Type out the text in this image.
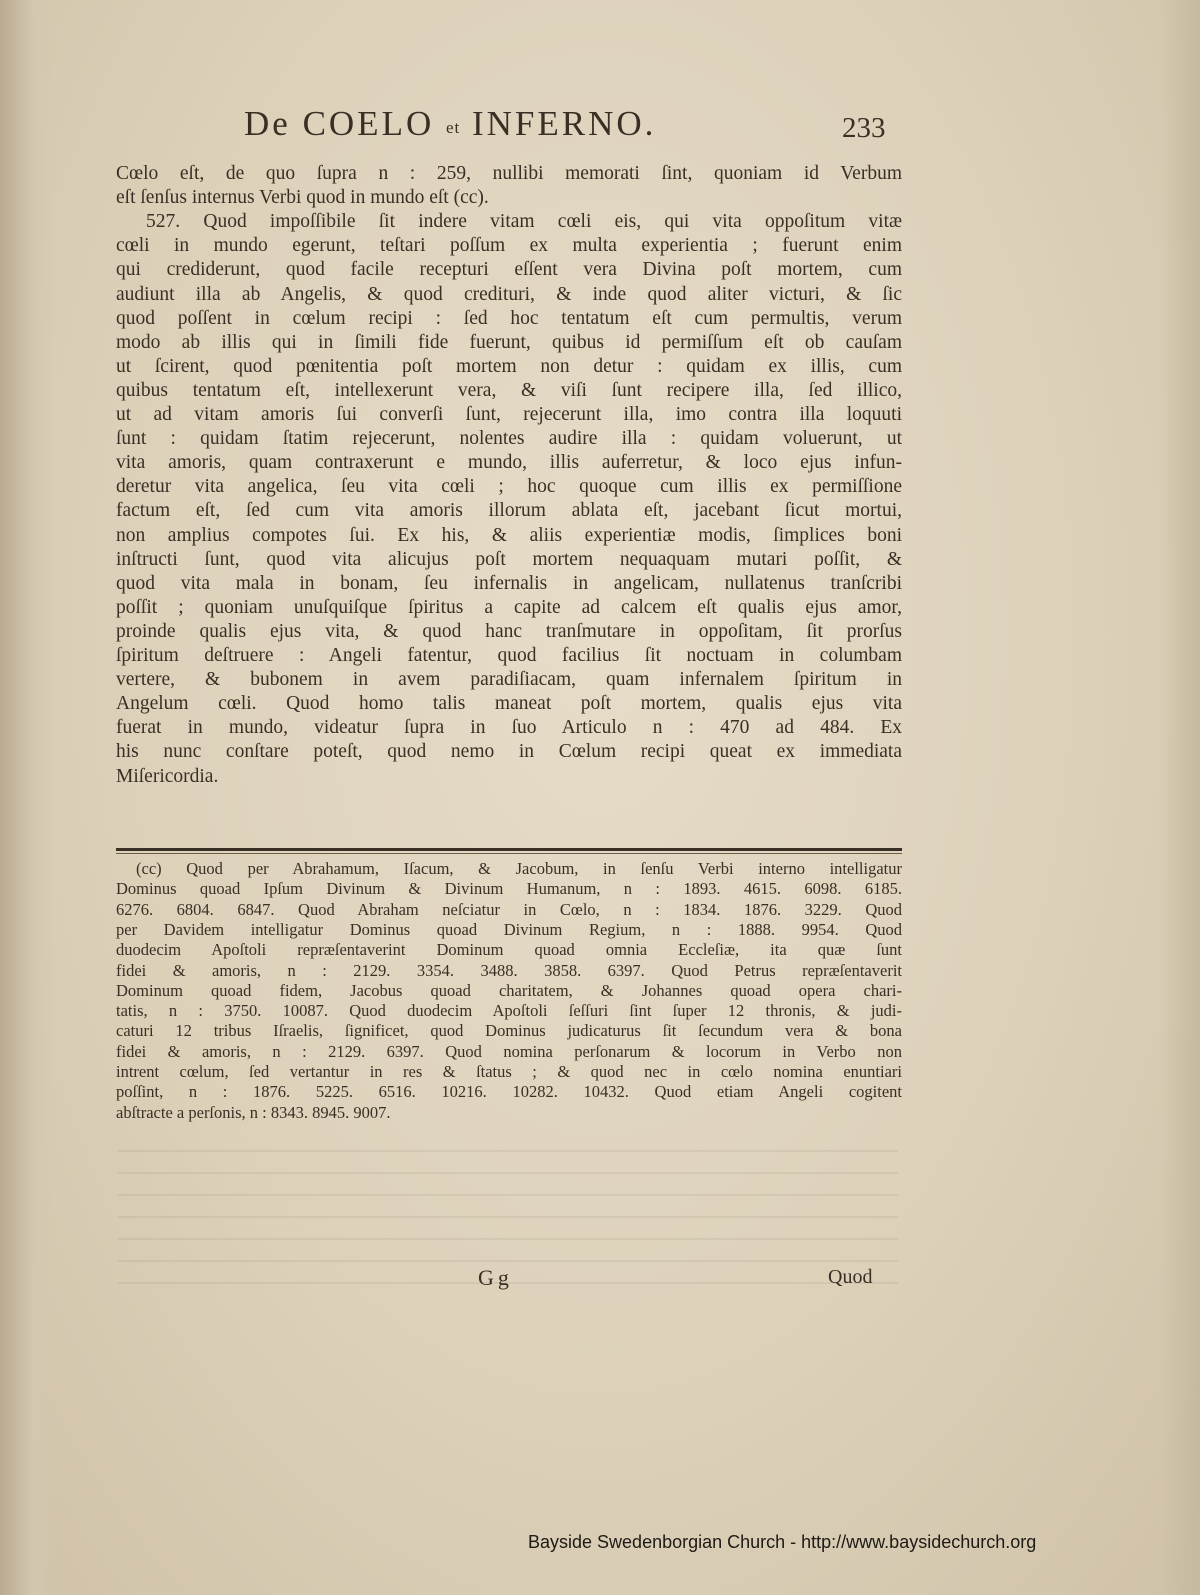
De COELO et INFERNO.	233
Cœlo eſt, de quo ſupra n : 259, nullibi memorati ſint, quoniam id Verbum
eſt ſenſus internus Verbi quod in mundo eſt (cc).
527. Quod impoſſibile ſit indere vitam cœli eis, qui vita oppoſitum vitæ
cœli in mundo egerunt, teſtari poſſum ex multa experientia ; fuerunt enim
qui crediderunt, quod facile recepturi eſſent vera Divina poſt mortem, cum
audiunt illa ab Angelis, & quod credituri, & inde quod aliter victuri, & ſic
quod poſſent in cœlum recipi : ſed hoc tentatum eſt cum permultis, verum
modo ab illis qui in ſimili fide fuerunt, quibus id permiſſum eſt ob cauſam
ut ſcirent, quod pœnitentia poſt mortem non detur : quidam ex illis, cum
quibus tentatum eſt, intellexerunt vera, & viſi ſunt recipere illa, ſed illico,
ut ad vitam amoris ſui converſi ſunt, rejecerunt illa, imo contra illa loquuti
ſunt : quidam ſtatim rejecerunt, nolentes audire illa : quidam voluerunt, ut
vita amoris, quam contraxerunt e mundo, illis auferretur, & loco ejus infun-
deretur vita angelica, ſeu vita cœli ; hoc quoque cum illis ex permiſſione
factum eſt, ſed cum vita amoris illorum ablata eſt, jacebant ſicut mortui,
non amplius compotes ſui. Ex his, & aliis experientiæ modis, ſimplices boni
inſtructi ſunt, quod vita alicujus poſt mortem nequaquam mutari poſſit, &
quod vita mala in bonam, ſeu infernalis in angelicam, nullatenus tranſcribi
poſſit ; quoniam unuſquiſque ſpiritus a capite ad calcem eſt qualis ejus amor,
proinde qualis ejus vita, & quod hanc tranſmutare in oppoſitam, ſit prorſus
ſpiritum deſtruere : Angeli fatentur, quod facilius ſit noctuam in columbam
vertere, & bubonem in avem paradiſiacam, quam infernalem ſpiritum in
Angelum cœli. Quod homo talis maneat poſt mortem, qualis ejus vita
fuerat in mundo, videatur ſupra in ſuo Articulo n : 470 ad 484. Ex
his nunc conſtare poteſt, quod nemo in Cœlum recipi queat ex immediata
Miſericordia.
(cc) Quod per Abrahamum, Iſacum, & Jacobum, in ſenſu Verbi interno intelligatur
Dominus quoad Ipſum Divinum & Divinum Humanum, n : 1893. 4615. 6098. 6185.
6276. 6804. 6847. Quod Abraham neſciatur in Cœlo, n : 1834. 1876. 3229. Quod
per Davidem intelligatur Dominus quoad Divinum Regium, n : 1888. 9954. Quod
duodecim Apoſtoli repræſentaverint Dominum quoad omnia Eccleſiæ, ita quæ ſunt
fidei & amoris, n : 2129. 3354. 3488. 3858. 6397. Quod Petrus repræſentaverit
Dominum quoad fidem, Jacobus quoad charitatem, & Johannes quoad opera chari-
tatis, n : 3750. 10087. Quod duodecim Apoſtoli ſeſſuri ſint ſuper 12 thronis, & judi-
caturi 12 tribus Iſraelis, ſignificet, quod Dominus judicaturus ſit ſecundum vera & bona
fidei & amoris, n : 2129. 6397. Quod nomina perſonarum & locorum in Verbo non
intrent cœlum, ſed vertantur in res & ſtatus ; & quod nec in cœlo nomina enuntiari
poſſint, n : 1876. 5225. 6516. 10216. 10282. 10432. Quod etiam Angeli cogitent
abſtracte a perſonis, n : 8343. 8945. 9007.
Gg	Quod
Bayside Swedenborgian Church - http://www.baysidechurch.org
